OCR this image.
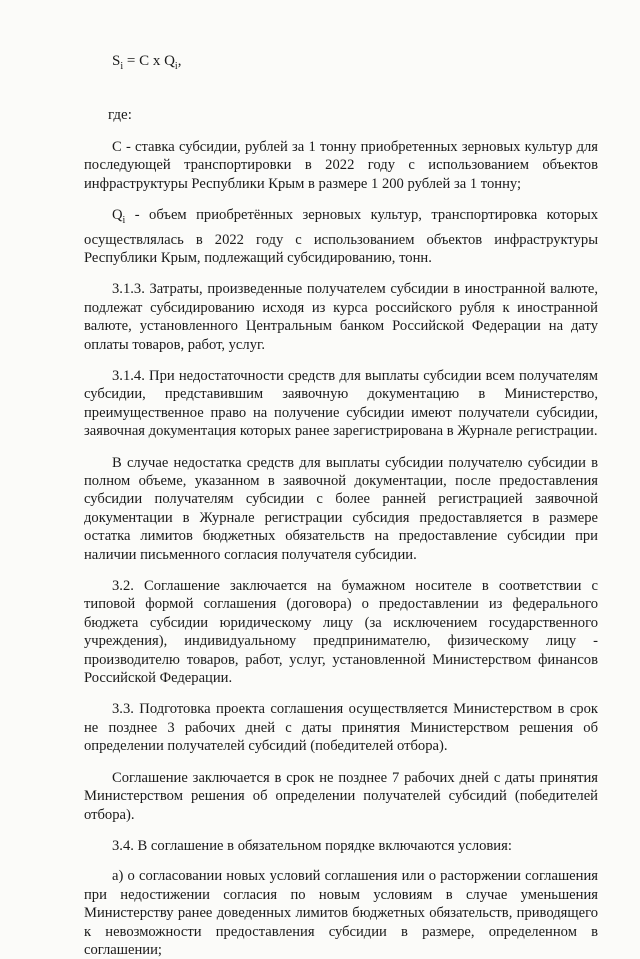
$S_i = C$ x $Q_i$,
где:

С - ставка субсидии, рублей за 1 тонну приобретенных зерновых культур для последующей транспортировки в 2022 году с использованием объектов инфраструктуры Республики Крым в размере 1 200 рублей за 1 тонну;

$Q_i$ - объем приобретённых зерновых культур, транспортировка которых осуществлялась в 2022 году с использованием объектов инфраструктуры Республики Крым, подлежащий субсидированию, тонн.

3.1.3. Затраты, произведенные получателем субсидии в иностранной валюте, подлежат субсидированию исходя из курса российского рубля к иностранной валюте, установленного Центральным банком Российской Федерации на дату оплаты товаров, работ, услуг.

3.1.4. При недостаточности средств для выплаты субсидии всем получателям субсидии, представившим заявочную документацию в Министерство, преимущественное право на получение субсидии имеют получатели субсидии, заявочная документация которых ранее зарегистрирована в Журнале регистрации.

В случае недостатка средств для выплаты субсидии получателю субсидии в полном объеме, указанном в заявочной документации, после предоставления субсидии получателям субсидии с более ранней регистрацией заявочной документации в Журнале регистрации субсидия предоставляется в размере остатка лимитов бюджетных обязательств на предоставление субсидии при наличии письменного согласия получателя субсидии.

3.2. Соглашение заключается на бумажном носителе в соответствии с типовой формой соглашения (договора) о предоставлении из федерального бюджета субсидии юридическому лицу (за исключением государственного учреждения), индивидуальному предпринимателю, физическому лицу - производителю товаров, работ, услуг, установленной Министерством финансов Российской Федерации.

3.3. Подготовка проекта соглашения осуществляется Министерством в срок не позднее 3 рабочих дней с даты принятия Министерством решения об определении получателей субсидий (победителей отбора).

Соглашение заключается в срок не позднее 7 рабочих дней с даты принятия Министерством решения об определении получателей субсидий (победителей отбора).

3.4. В соглашение в обязательном порядке включаются условия:

а) о согласовании новых условий соглашения или о расторжении соглашения при недостижении согласия по новым условиям в случае уменьшения Министерству ранее доведенных лимитов бюджетных обязательств, приводящего к невозможности предоставления субсидии в размере, определенном в соглашении;
